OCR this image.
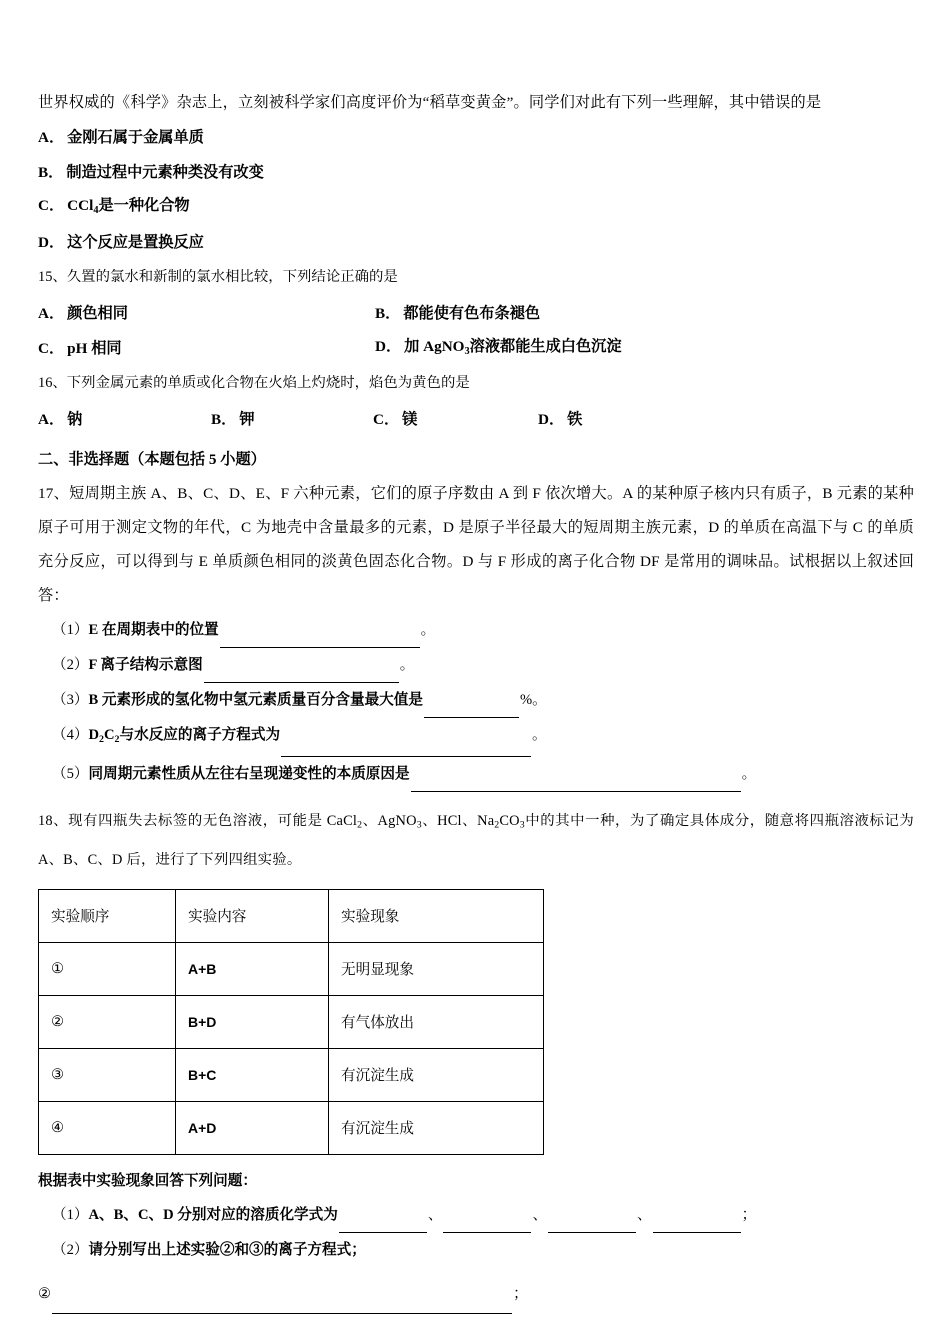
世界权威的《科学》杂志上，立刻被科学家们高度评价为“稻草变黄金”。同学们对此有下列一些理解，其中错误的是

A． 金刚石属于金属单质
B． 制造过程中元素种类没有改变
C． CCl$_4$是一种化合物
D． 这个反应是置换反应

15、久置的氯水和新制的氯水相比较，下列结论正确的是

A． 颜色相同	B． 都能使有色布条褪色
C． pH 相同	D． 加 AgNO$_3$溶液都能生成白色沉淀

16、下列金属元素的单质或化合物在火焰上灼烧时，焰色为黄色的是

A． 钠	B． 钾	C． 镁	D． 铁

二、非选择题（本题包括 5 小题）

17、短周期主族 A、B、C、D、E、F 六种元素，它们的原子序数由 A 到 F 依次增大。A 的某种原子核内只有质子，B 元素的某种原子可用于测定文物的年代，C 为地壳中含量最多的元素，D 是原子半径最大的短周期主族元素，D 的单质在高温下与 C 的单质充分反应，可以得到与 E 单质颜色相同的淡黄色固态化合物。D 与 F 形成的离子化合物 DF 是常用的调味品。试根据以上叙述回答：

（1）E 在周期表中的位置	。
（2）F 离子结构示意图	。
（3）B 元素形成的氢化物中氢元素质量百分含量最大值是	%。
$(4)D_2C_2$与水反应的离子方程式为	。
（5）同周期元素性质从左往右呈现递变性的本质原因是	。

18、现有四瓶失去标签的无色溶液，可能是 CaCl$_2$、AgNO$_3$、HCl、$Na_2CO_3$中的其中一种，为了确定具体成分，随意将四瓶溶液标记为 A、B、C、D 后，进行了下列四组实验。

实验顺序	实验内容	实验现象
①	A+B	无明显现象
②	B+D	有气体放出
③	B+C	有沉淀生成
④	A+D	有沉淀生成

根据表中实验现象回答下列问题：

（1）A、B、C、D 分别对应的溶质化学式为	、	、	、	；
（2）请分别写出上述实验②和③的离子方程式；
②	；
